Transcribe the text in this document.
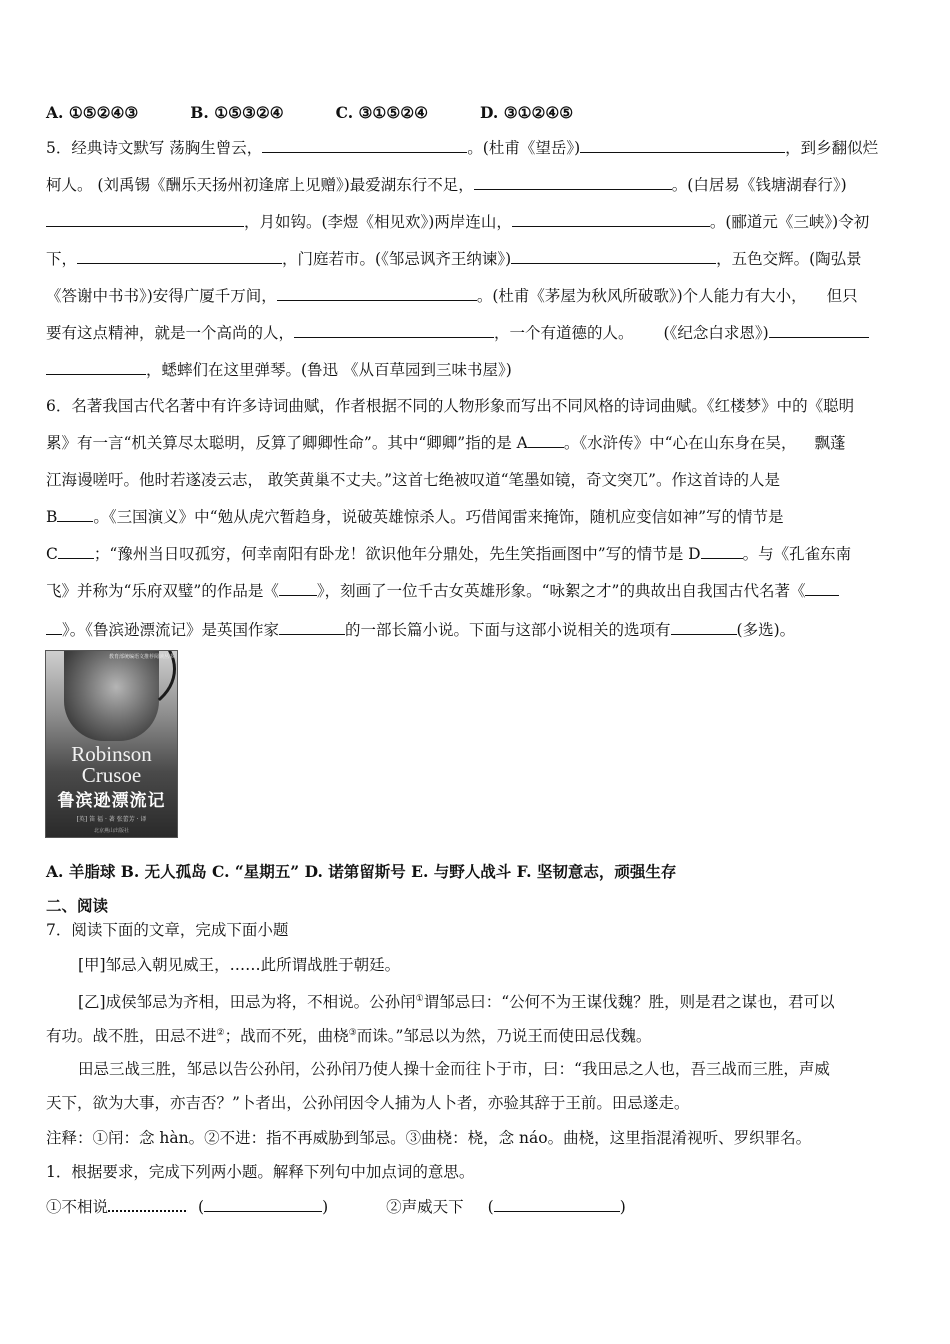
A. ①⑤②④③	B. ①⑤③②④	C. ③①⑤②④	D. ③①②④⑤
5．经典诗文默写 荡胸生曾云，	。(杜甫《望岳》)	，到乡翻似烂
柯人。 (刘禹锡《酬乐天扬州初逢席上见赠》)最爱湖东行不足，	。(白居易《钱塘湖春行》)
，月如钩。(李煜《相见欢》)两岸连山，	。(郦道元《三峡》)令初
下，	，门庭若市。(《邹忌讽齐王纳谏》)	，五色交辉。(陶弘景
《答谢中书书》)安得广厦千万间，	。(杜甫《茅屋为秋风所破歌》)个人能力有大小， 但只
要有这点精神，就是一个高尚的人，	，一个有道德的人。 (《纪念白求恩》)
，蟋蟀们在这里弹琴。(鲁迅 《从百草园到三味书屋》)
6．名著我国古代名著中有许多诗词曲赋，作者根据不同的人物形象而写出不同风格的诗词曲赋。《红楼梦》中的《聪明
累》有一言“机关算尽太聪明，反算了卿卿性命”。其中“卿卿”指的是 A 。《水浒传》中“心在山东身在吴， 飘蓬
江海谩嗟吁。他时若遂凌云志， 敢笑黄巢不丈夫。”这首七绝被叹道“笔墨如镜，奇文突兀”。作这首诗的人是
B 。《三国演义》中“勉从虎穴暂趋身，说破英雄惊杀人。巧借闻雷来掩饰，随机应变信如神”写的情节是
C ；“豫州当日叹孤穷，何幸南阳有卧龙！欲识他年分鼎处，先生笑指画图中”写的情节是 D	。与《孔雀东南
飞》并称为“乐府双璧”的作品是《 》，刻画了一位千古女英雄形象。“咏絮之才”的典故出自我国古代名著《
》。《鲁滨逊漂流记》是英国作家	的一部长篇小说。下面与这部小说相关的选项有	(多选)。
教育部统编语文推荐阅读丛书
Robinson
Crusoe
鲁滨逊漂流记
[英] 笛 福 · 著 张蕾芳 · 译
北京燕山出版社
A. 羊脂球 B. 无人孤岛 C. “星期五” D. 诺第留斯号 E. 与野人战斗 F. 坚韧意志，顽强生存
二、阅读
7．阅读下面的文章，完成下面小题
[甲]邹忌入朝见威王，……此所谓战胜于朝廷。
[乙]成侯邹忌为齐相，田忌为将，不相说。公孙闬①谓邹忌曰：“公何不为王谋伐魏？胜，则是君之谋也，君可以
有功。战不胜，田忌不进②；战而不死，曲桡③而诛。”邹忌以为然，乃说王而使田忌伐魏。
田忌三战三胜，邹忌以告公孙闬，公孙闬乃使人操十金而往卜于市，曰：“我田忌之人也，吾三战而三胜，声威
天下，欲为大事，亦吉否？”卜者出，公孙闬因令人捕为人卜者，亦验其辞于王前。田忌遂走。
注释：①闬：念 hàn。②不进：指不再威胁到邹忌。③曲桡：桡，念 náo。曲桡，这里指混淆视听、罗织罪名。
1．根据要求，完成下列两小题。解释下列句中加点词的意思。
①不相说	(	)	②声威天下 (	)
